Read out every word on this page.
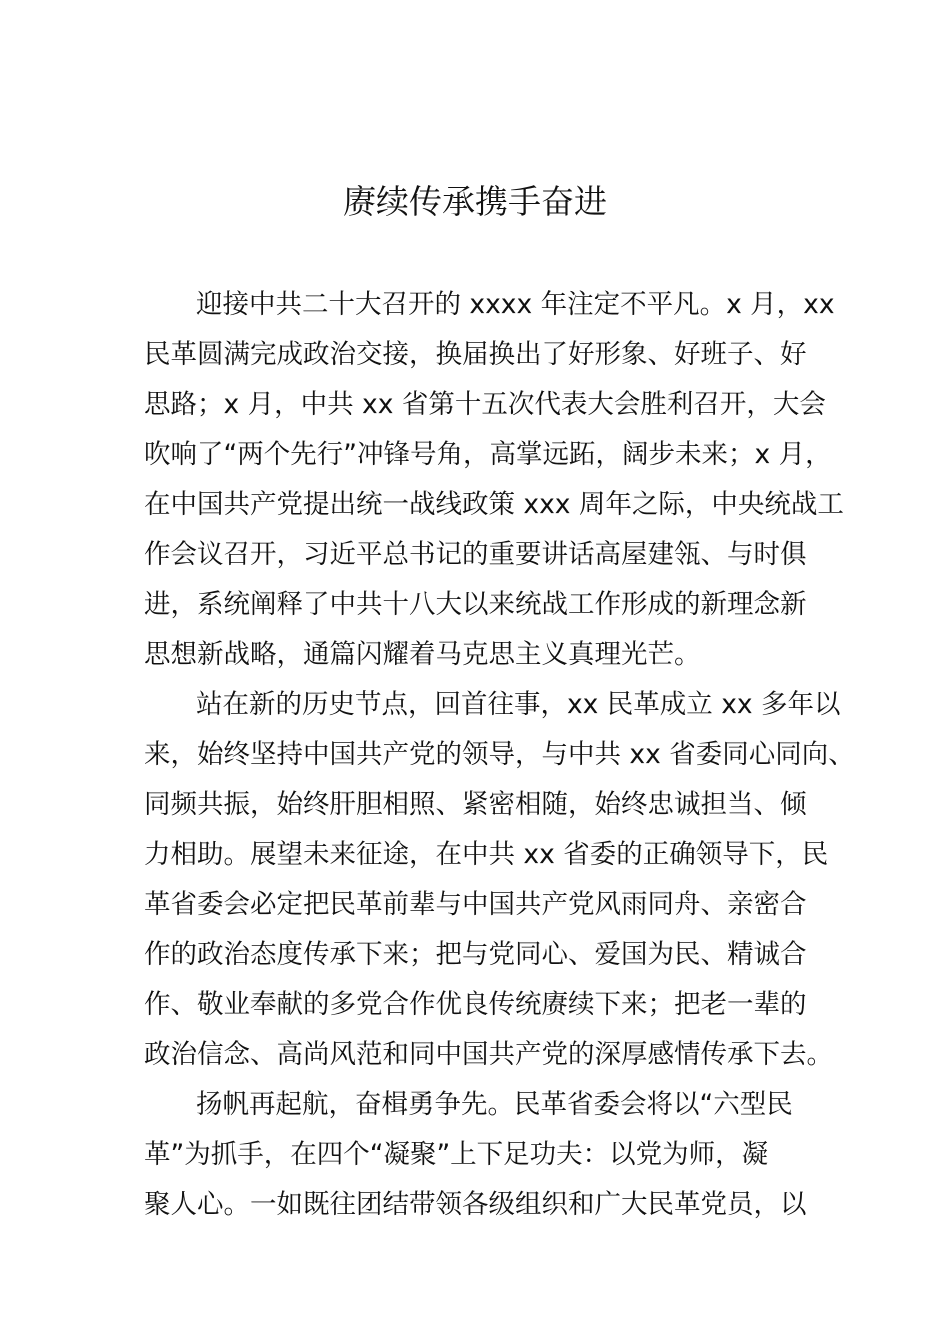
赓续传承携手奋进
迎接中共二十大召开的 xxxx 年注定不平凡。x 月，xx
民革圆满完成政治交接，换届换出了好形象、好班子、好
思路；x 月，中共 xx 省第十五次代表大会胜利召开，大会
吹响了“两个先行”冲锋号角，高掌远跖，阔步未来；x 月，
在中国共产党提出统一战线政策 xxx 周年之际，中央统战工
作会议召开，习近平总书记的重要讲话高屋建瓴、与时俱
进，系统阐释了中共十八大以来统战工作形成的新理念新
思想新战略，通篇闪耀着马克思主义真理光芒。
站在新的历史节点，回首往事，xx 民革成立 xx 多年以
来，始终坚持中国共产党的领导，与中共 xx 省委同心同向、
同频共振，始终肝胆相照、紧密相随，始终忠诚担当、倾
力相助。展望未来征途，在中共 xx 省委的正确领导下，民
革省委会必定把民革前辈与中国共产党风雨同舟、亲密合
作的政治态度传承下来；把与党同心、爱国为民、精诚合
作、敬业奉献的多党合作优良传统赓续下来；把老一辈的
政治信念、高尚风范和同中国共产党的深厚感情传承下去。
扬帆再起航，奋楫勇争先。民革省委会将以“六型民
革”为抓手，在四个“凝聚”上下足功夫：以党为师，凝
聚人心。一如既往团结带领各级组织和广大民革党员，以
